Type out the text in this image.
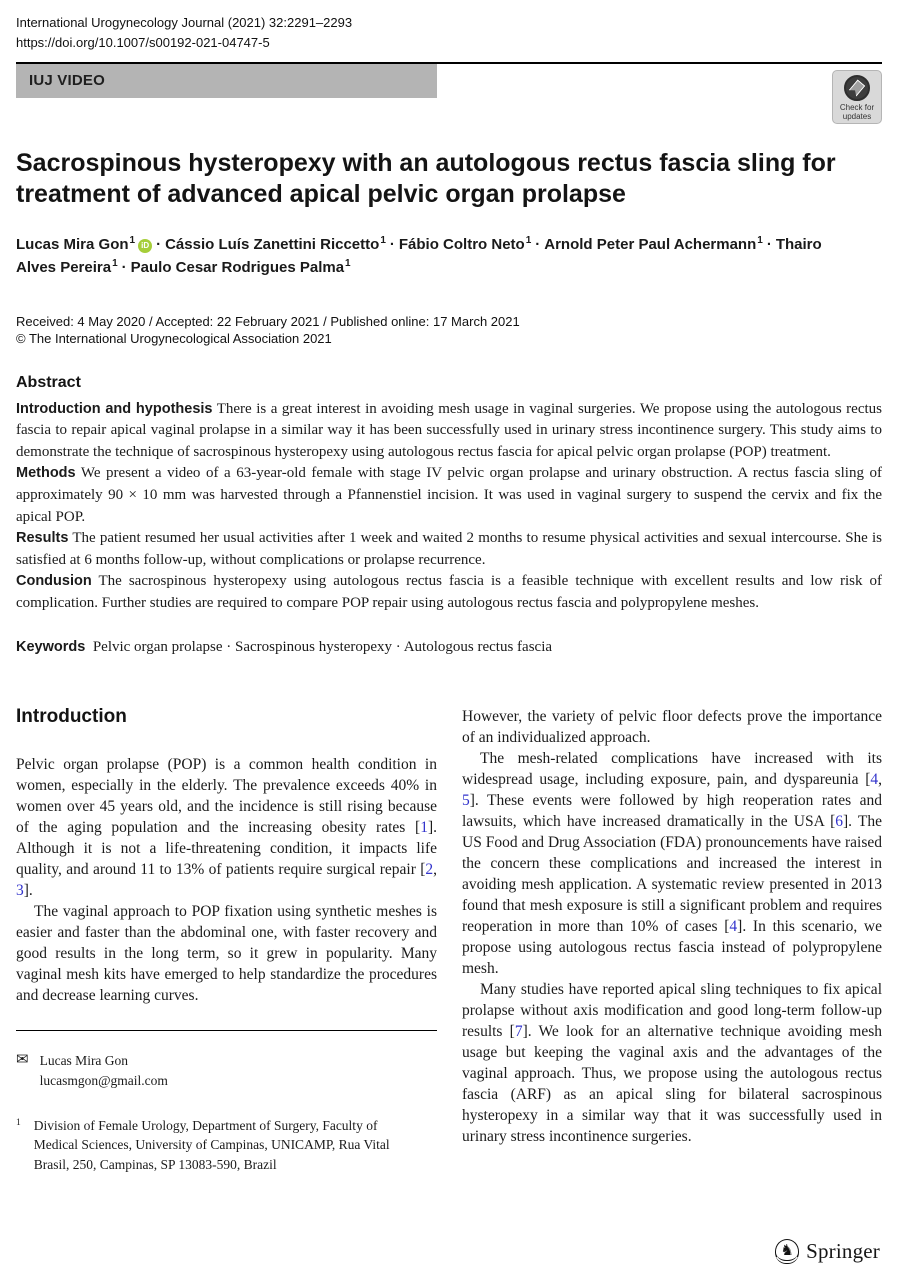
International Urogynecology Journal (2021) 32:2291–2293
https://doi.org/10.1007/s00192-021-04747-5
IUJ VIDEO
Check for
updates
Sacrospinous hysteropexy with an autologous rectus fascia sling for treatment of advanced apical pelvic organ prolapse
Lucas Mira Gon$^1$ iD · Cássio Luís Zanettini Riccetto$^1$ · Fábio Coltro Neto$^1$ · Arnold Peter Paul Achermann$^1$ · Thairo Alves Pereira$^1$ · Paulo Cesar Rodrigues Palma$^1$
Received: 4 May 2020 / Accepted: 22 February 2021 / Published online: 17 March 2021
© The International Urogynecological Association 2021
Abstract

Introduction and hypothesis There is a great interest in avoiding mesh usage in vaginal surgeries. We propose using the autologous rectus fascia to repair apical vaginal prolapse in a similar way it has been successfully used in urinary stress incontinence surgery. This study aims to demonstrate the technique of sacrospinous hysteropexy using autologous rectus fascia for apical pelvic organ prolapse (POP) treatment.

Methods We present a video of a 63-year-old female with stage IV pelvic organ prolapse and urinary obstruction. A rectus fascia sling of approximately 90 × 10 mm was harvested through a Pfannenstiel incision. It was used in vaginal surgery to suspend the cervix and fix the apical POP.

Results The patient resumed her usual activities after 1 week and waited 2 months to resume physical activities and sexual intercourse. She is satisfied at 6 months follow-up, without complications or prolapse recurrence.

Condusion The sacrospinous hysteropexy using autologous rectus fascia is a feasible technique with excellent results and low risk of complication. Further studies are required to compare POP repair using autologous rectus fascia and polypropylene meshes.

Keywords Pelvic organ prolapse · Sacrospinous hysteropexy · Autologous rectus fascia

Introduction

Pelvic organ prolapse (POP) is a common health condition in women, especially in the elderly. The prevalence exceeds 40% in women over 45 years old, and the incidence is still rising because of the aging population and the increasing obesity rates [1]. Although it is not a life-threatening condition, it impacts life quality, and around 11 to 13% of patients require surgical repair [2, 3].

The vaginal approach to POP fixation using synthetic meshes is easier and faster than the abdominal one, with faster recovery and good results in the long term, so it grew in popularity. Many vaginal mesh kits have emerged to help standardize the procedures and decrease learning curves.

✉ Lucas Mira Gon
lucasmgon@gmail.com
1 Division of Female Urology, Department of Surgery, Faculty of Medical Sciences, University of Campinas, UNICAMP, Rua Vital Brasil, 250, Campinas, SP 13083-590, Brazil

However, the variety of pelvic floor defects prove the importance of an individualized approach.

The mesh-related complications have increased with its widespread usage, including exposure, pain, and dyspareunia [4, 5]. These events were followed by high reoperation rates and lawsuits, which have increased dramatically in the USA [6]. The US Food and Drug Association (FDA) pronouncements have raised the concern these complications and increased the interest in avoiding mesh application. A systematic review presented in 2013 found that mesh exposure is still a significant problem and requires reoperation in more than 10% of cases [4]. In this scenario, we propose using autologous rectus fascia instead of polypropylene mesh.

Many studies have reported apical sling techniques to fix apical prolapse without axis modification and good long-term follow-up results [7]. We look for an alternative technique avoiding mesh usage but keeping the vaginal axis and the advantages of the vaginal approach. Thus, we propose using the autologous rectus fascia (ARF) as an apical sling for bilateral sacrospinous hysteropexy in a similar way that it was successfully used in urinary stress incontinence surgeries.

♞ Springer
